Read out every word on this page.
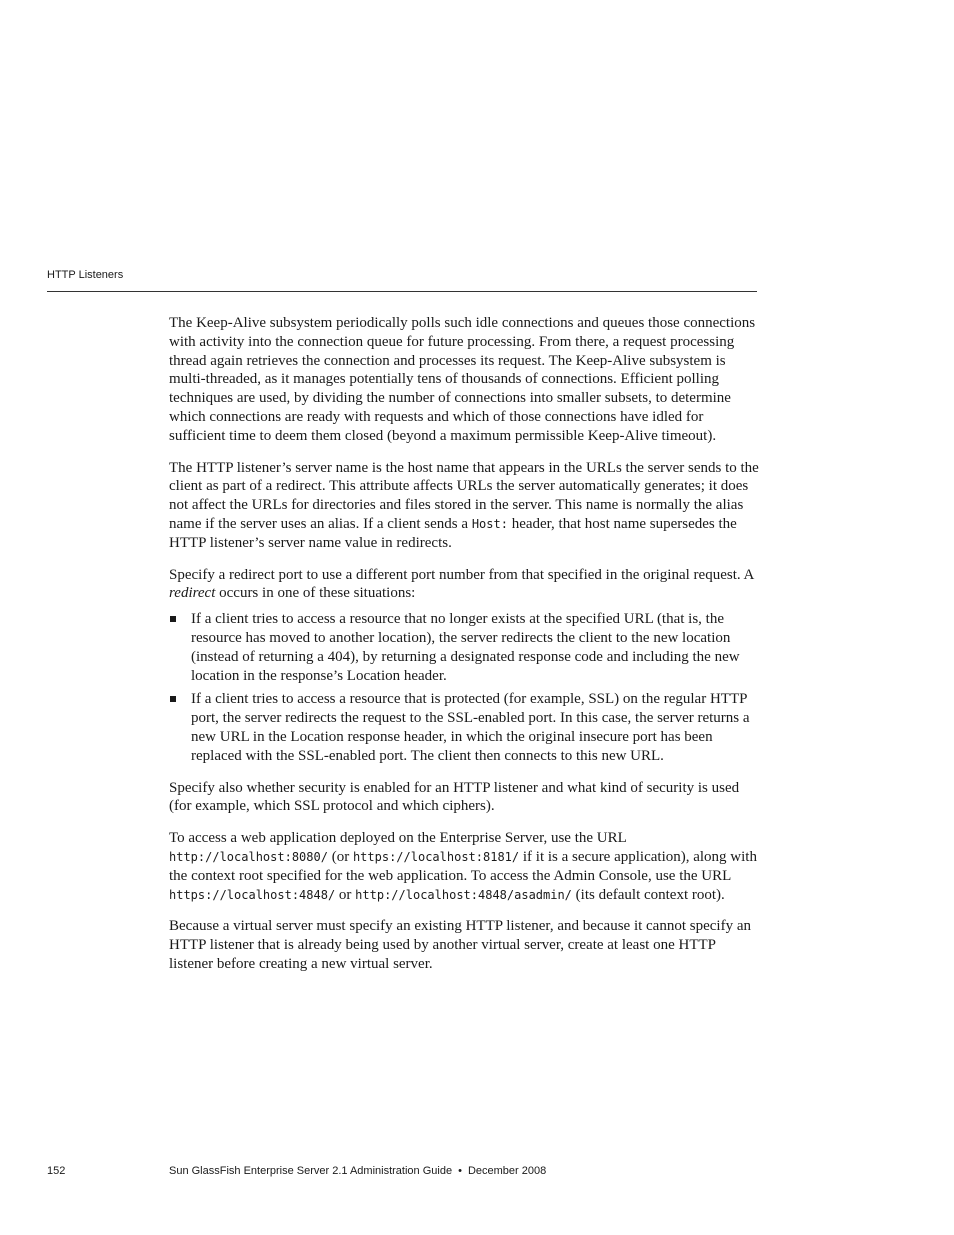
HTTP Listeners

The Keep-Alive subsystem periodically polls such idle connections and queues those connections with activity into the connection queue for future processing. From there, a request processing thread again retrieves the connection and processes its request. The Keep-Alive subsystem is multi-threaded, as it manages potentially tens of thousands of connections. Efficient polling techniques are used, by dividing the number of connections into smaller subsets, to determine which connections are ready with requests and which of those connections have idled for sufficient time to deem them closed (beyond a maximum permissible Keep-Alive timeout).

The HTTP listener’s server name is the host name that appears in the URLs the server sends to the client as part of a redirect. This attribute affects URLs the server automatically generates; it does not affect the URLs for directories and files stored in the server. This name is normally the alias name if the server uses an alias. If a client sends a Host: header, that host name supersedes the HTTP listener’s server name value in redirects.

Specify a redirect port to use a different port number from that specified in the original request. A redirect occurs in one of these situations:

If a client tries to access a resource that no longer exists at the specified URL (that is, the resource has moved to another location), the server redirects the client to the new location (instead of returning a 404), by returning a designated response code and including the new location in the response’s Location header.
If a client tries to access a resource that is protected (for example, SSL) on the regular HTTP port, the server redirects the request to the SSL-enabled port. In this case, the server returns a new URL in the Location response header, in which the original insecure port has been replaced with the SSL-enabled port. The client then connects to this new URL.

Specify also whether security is enabled for an HTTP listener and what kind of security is used (for example, which SSL protocol and which ciphers).

To access a web application deployed on the Enterprise Server, use the URL http://localhost:8080/ (or https://localhost:8181/ if it is a secure application), along with the context root specified for the web application. To access the Admin Console, use the URL https://localhost:4848/ or http://localhost:4848/asadmin/ (its default context root).

Because a virtual server must specify an existing HTTP listener, and because it cannot specify an HTTP listener that is already being used by another virtual server, create at least one HTTP listener before creating a new virtual server.

152	Sun GlassFish Enterprise Server 2.1 Administration Guide • December 2008
